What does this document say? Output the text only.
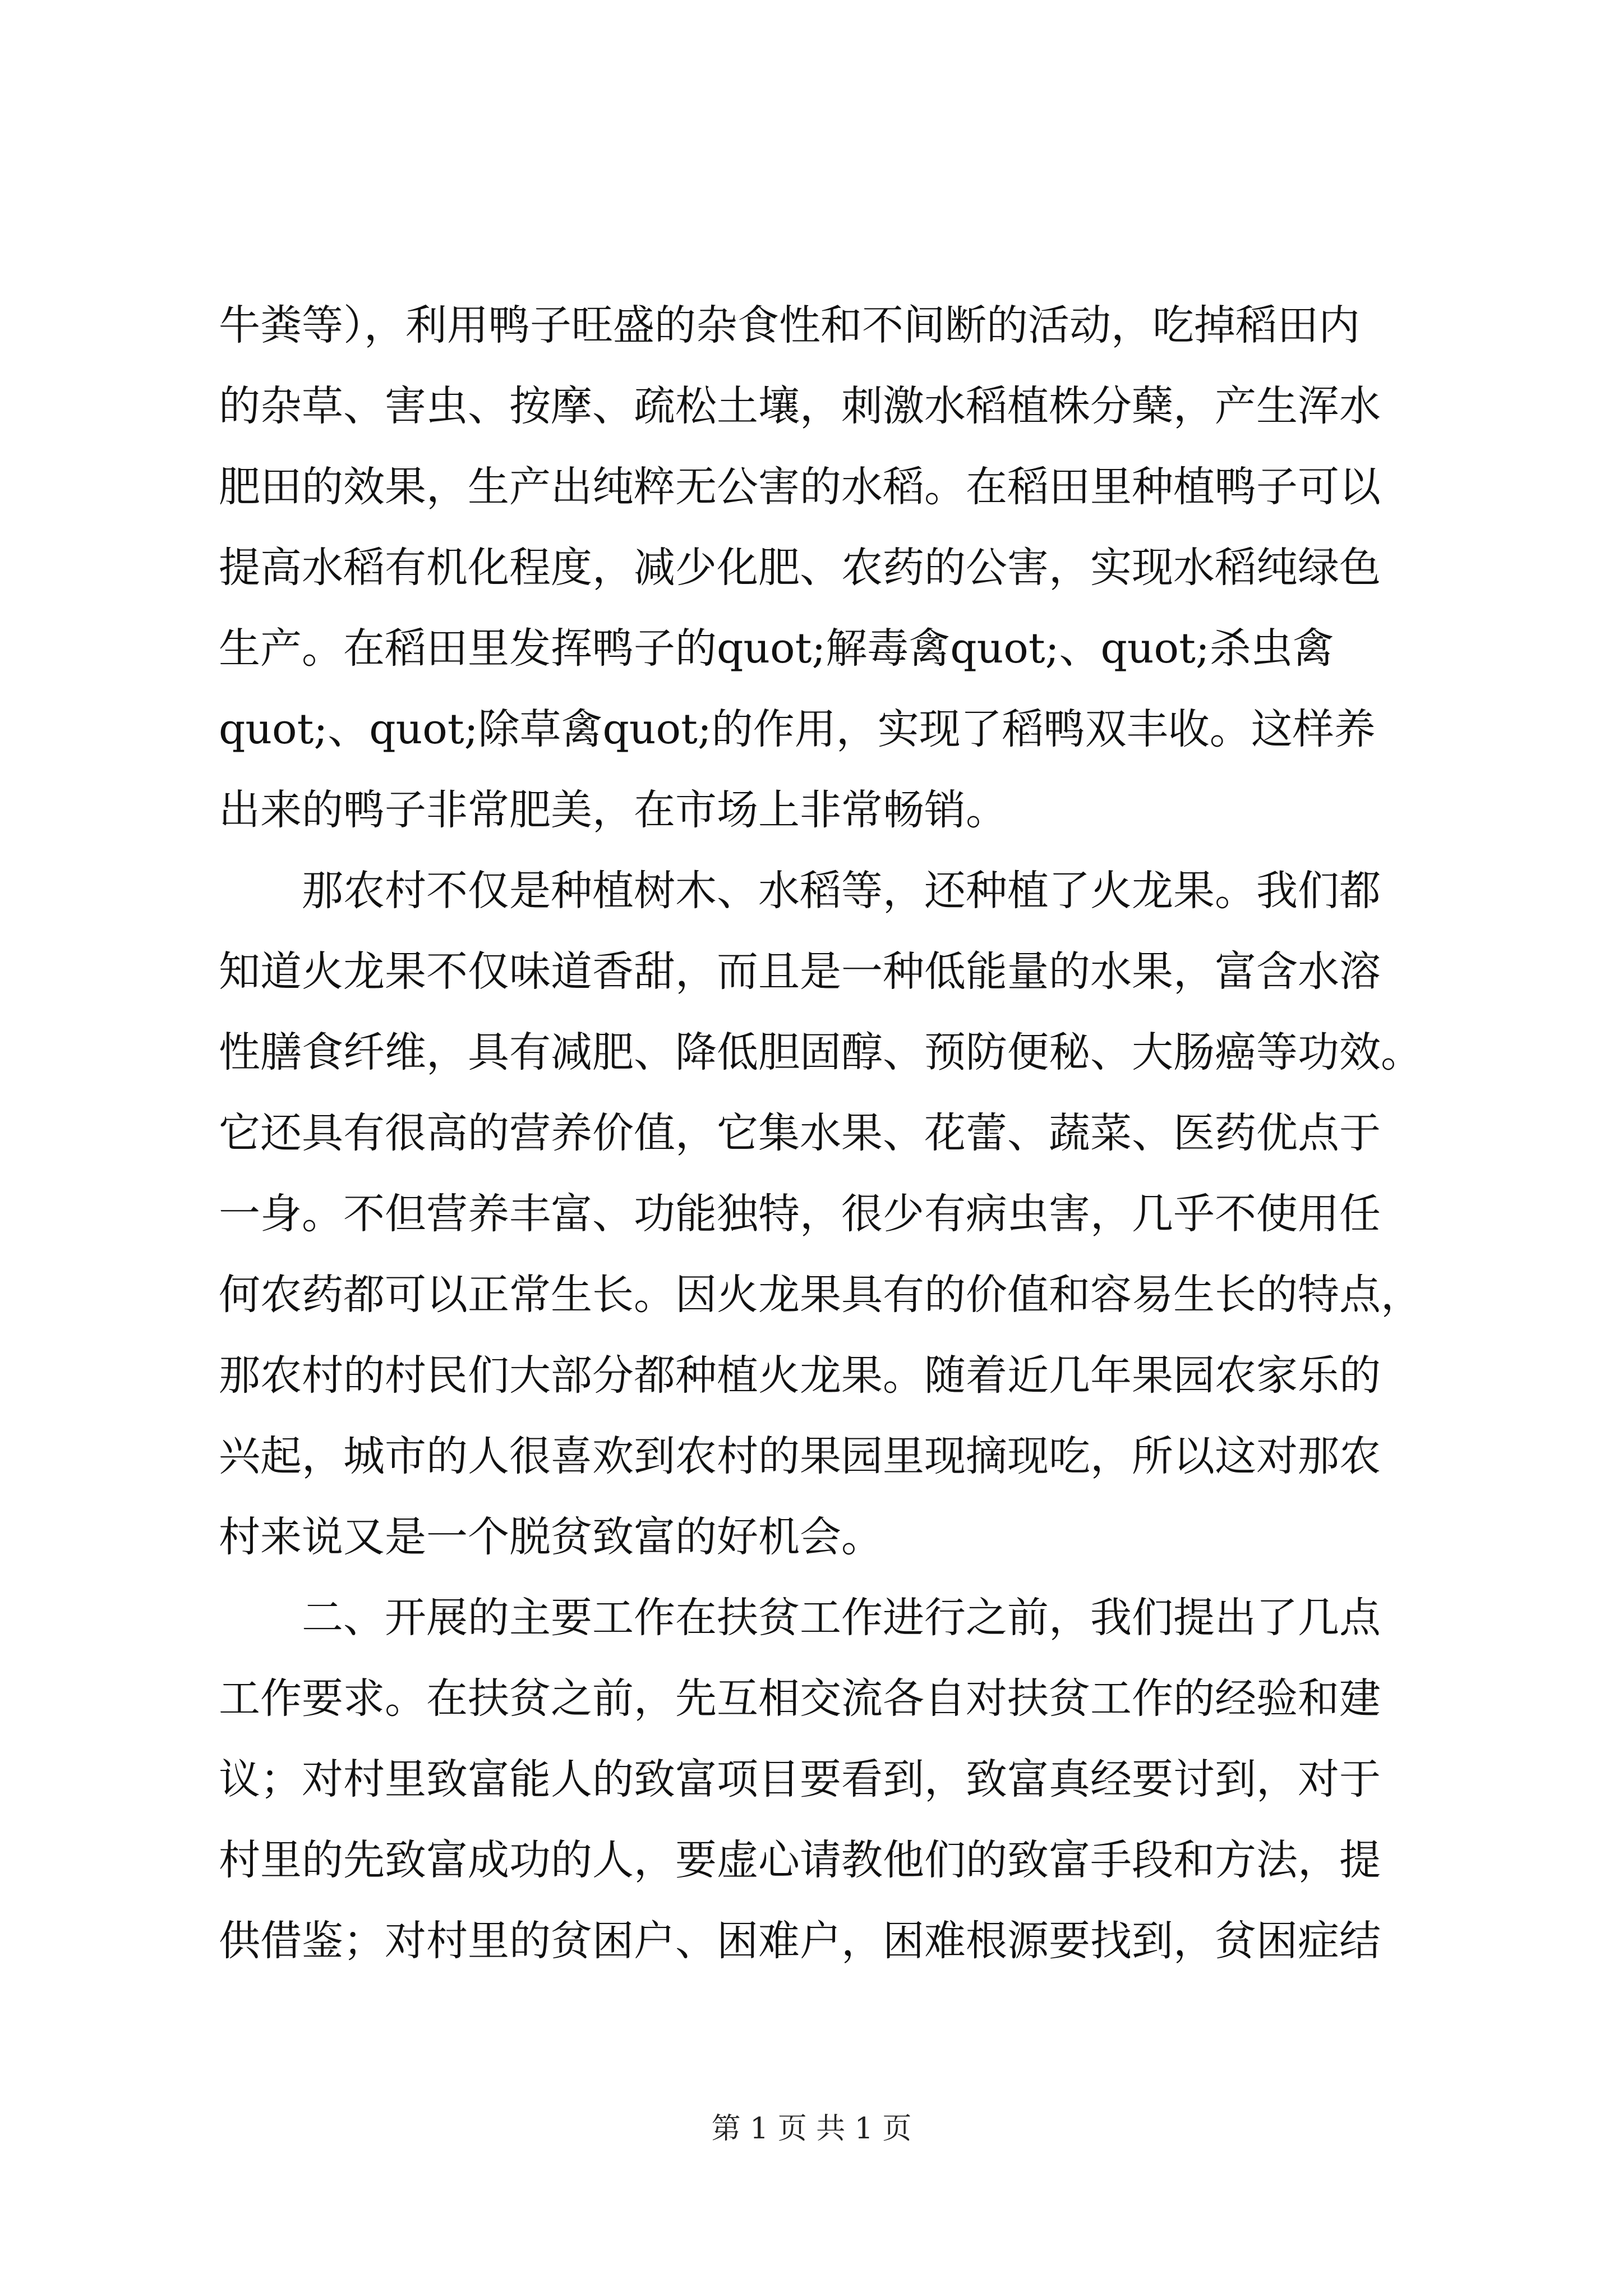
牛粪等），利用鸭子旺盛的杂食性和不间断的活动，吃掉稻田内
的杂草、害虫、按摩、疏松土壤，刺激水稻植株分蘖，产生浑水
肥田的效果，生产出纯粹无公害的水稻。在稻田里种植鸭子可以
提高水稻有机化程度，减少化肥、农药的公害，实现水稻纯绿色
生产。在稻田里发挥鸭子的quot;解毒禽quot;、quot;杀虫禽
quot;、quot;除草禽quot;的作用，实现了稻鸭双丰收。这样养
出来的鸭子非常肥美，在市场上非常畅销。
那农村不仅是种植树木、水稻等，还种植了火龙果。我们都
知道火龙果不仅味道香甜，而且是一种低能量的水果，富含水溶
性膳食纤维，具有减肥、降低胆固醇、预防便秘、大肠癌等功效。
它还具有很高的营养价值，它集水果、花蕾、蔬菜、医药优点于
一身。不但营养丰富、功能独特，很少有病虫害，几乎不使用任
何农药都可以正常生长。因火龙果具有的价值和容易生长的特点，
那农村的村民们大部分都种植火龙果。随着近几年果园农家乐的
兴起，城市的人很喜欢到农村的果园里现摘现吃，所以这对那农
村来说又是一个脱贫致富的好机会。
二、开展的主要工作在扶贫工作进行之前，我们提出了几点
工作要求。在扶贫之前，先互相交流各自对扶贫工作的经验和建
议；对村里致富能人的致富项目要看到，致富真经要讨到，对于
村里的先致富成功的人，要虚心请教他们的致富手段和方法，提
供借鉴；对村里的贫困户、困难户，困难根源要找到，贫困症结
第 1 页 共 1 页
